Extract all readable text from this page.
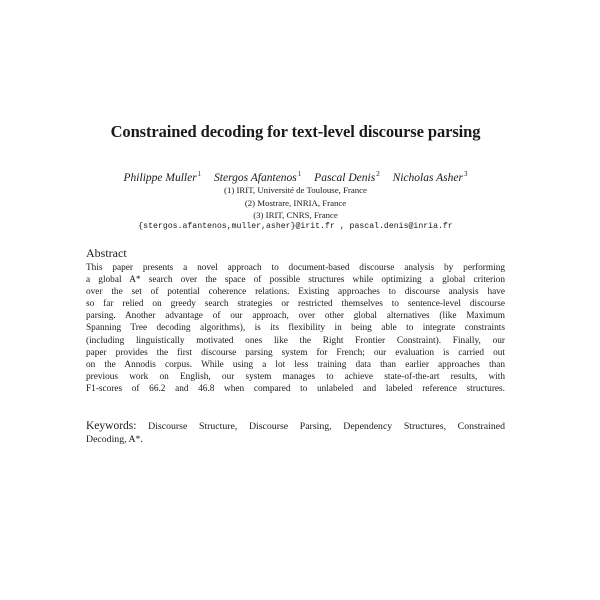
Constrained decoding for text-level discourse parsing
Philippe Muller$^1$ Stergos Afantenos$^1$ Pascal Denis$^2$ Nicholas Asher$^3$
(1) IRIT, Université de Toulouse, France
(2) Mostrare, INRIA, France
(3) IRIT, CNRS, France
{stergos.afantenos,muller,asher}@irit.fr , pascal.denis@inria.fr
Abstract
This paper presents a novel approach to document-based discourse analysis by performing
a global A* search over the space of possible structures while optimizing a global criterion
over the set of potential coherence relations. Existing approaches to discourse analysis have
so far relied on greedy search strategies or restricted themselves to sentence-level discourse
parsing. Another advantage of our approach, over other global alternatives (like Maximum
Spanning Tree decoding algorithms), is its flexibility in being able to integrate constraints
(including linguistically motivated ones like the Right Frontier Constraint). Finally, our
paper provides the first discourse parsing system for French; our evaluation is carried out
on the Annodis corpus. While using a lot less training data than earlier approaches than
previous work on English, our system manages to achieve state-of-the-art results, with
F1-scores of 66.2 and 46.8 when compared to unlabeled and labeled reference structures.
Keywords: Discourse Structure, Discourse Parsing, Dependency Structures, Constrained
Decoding, A*.
